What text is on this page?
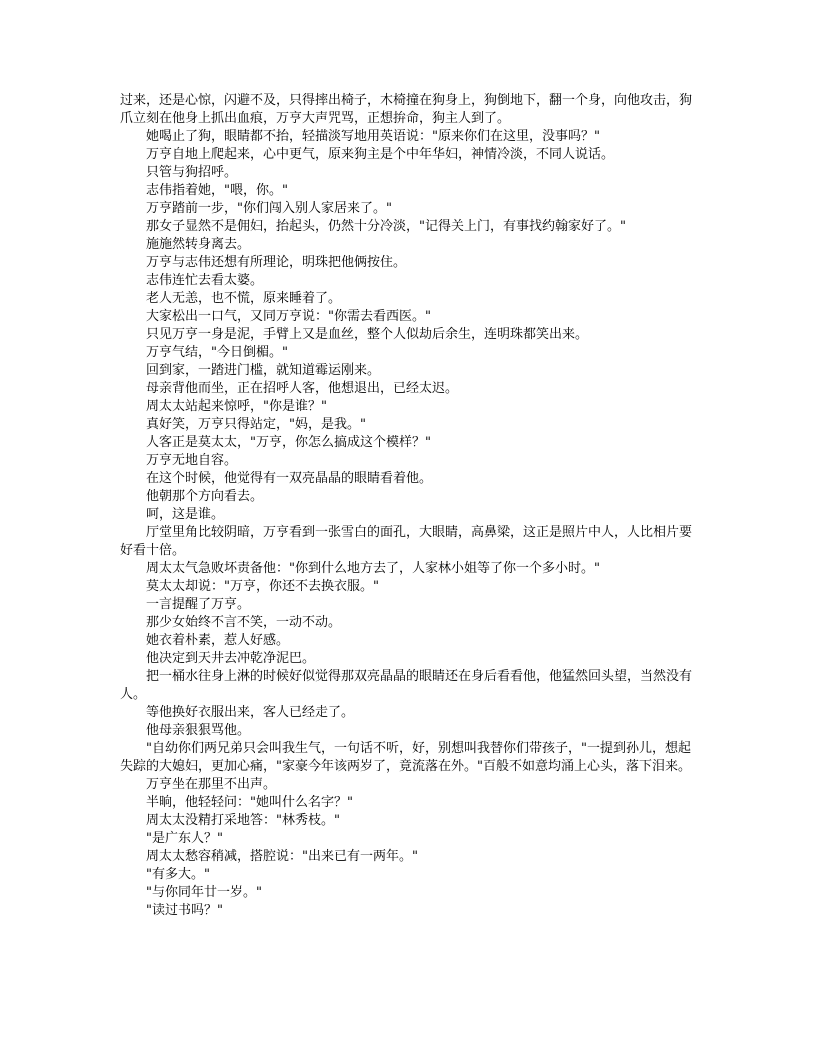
过来，还是心惊，闪避不及，只得摔出椅子，木椅撞在狗身上，狗倒地下，翻一个身，向他攻击，狗爪立刻在他身上抓出血痕，万亨大声咒骂，正想拚命，狗主人到了。

她喝止了狗，眼睛都不抬，轻描淡写地用英语说："原来你们在这里，没事吗？"

万亨自地上爬起来，心中更气，原来狗主是个中年华妇，神情冷淡，不同人说话。

只管与狗招呼。

志伟指着她，"喂，你。"

万亨踏前一步，"你们闯入别人家居来了。"

那女子显然不是佣妇，抬起头，仍然十分冷淡，"记得关上门，有事找约翰家好了。"

施施然转身离去。

万亨与志伟还想有所理论，明珠把他俩按住。

志伟连忙去看太婆。

老人无恙，也不慌，原来睡着了。

大家松出一口气，又同万亨说："你需去看西医。"

只见万亨一身是泥，手臂上又是血丝，整个人似劫后余生，连明珠都笑出来。

万亨气结，"今日倒楣。"

回到家，一踏进门槛，就知道霉运刚来。

母亲背他而坐，正在招呼人客，他想退出，已经太迟。

周太太站起来惊呼，"你是谁？"

真好笑，万亨只得站定，"妈，是我。"

人客正是莫太太，"万亨，你怎么搞成这个模样？"

万亨无地自容。

在这个时候，他觉得有一双亮晶晶的眼睛看着他。

他朝那个方向看去。

呵，这是谁。

厅堂里角比较阴暗，万亨看到一张雪白的面孔，大眼睛，高鼻梁，这正是照片中人，人比相片要好看十倍。

周太太气急败坏责备他："你到什么地方去了，人家林小姐等了你一个多小时。"

莫太太却说："万亨，你还不去换衣服。"

一言提醒了万亨。

那少女始终不言不笑，一动不动。

她衣着朴素，惹人好感。

他决定到天井去冲乾净泥巴。

把一桶水往身上淋的时候好似觉得那双亮晶晶的眼睛还在身后看看他，他猛然回头望，当然没有人。

等他换好衣服出来，客人已经走了。

他母亲狠狠骂他。

"自幼你们两兄弟只会叫我生气，一句话不听，好，别想叫我替你们带孩子，"一提到孙儿，想起失踪的大媳妇，更加心痛，"家豪今年该两岁了，竟流落在外。"百般不如意均涌上心头，落下泪来。

万亨坐在那里不出声。

半晌，他轻轻问："她叫什么名字？"

周太太没精打采地答："林秀枝。"

"是广东人？"

周太太愁容稍减，搭腔说："出来已有一两年。"

"有多大。"

"与你同年廿一岁。"

"读过书吗？"
